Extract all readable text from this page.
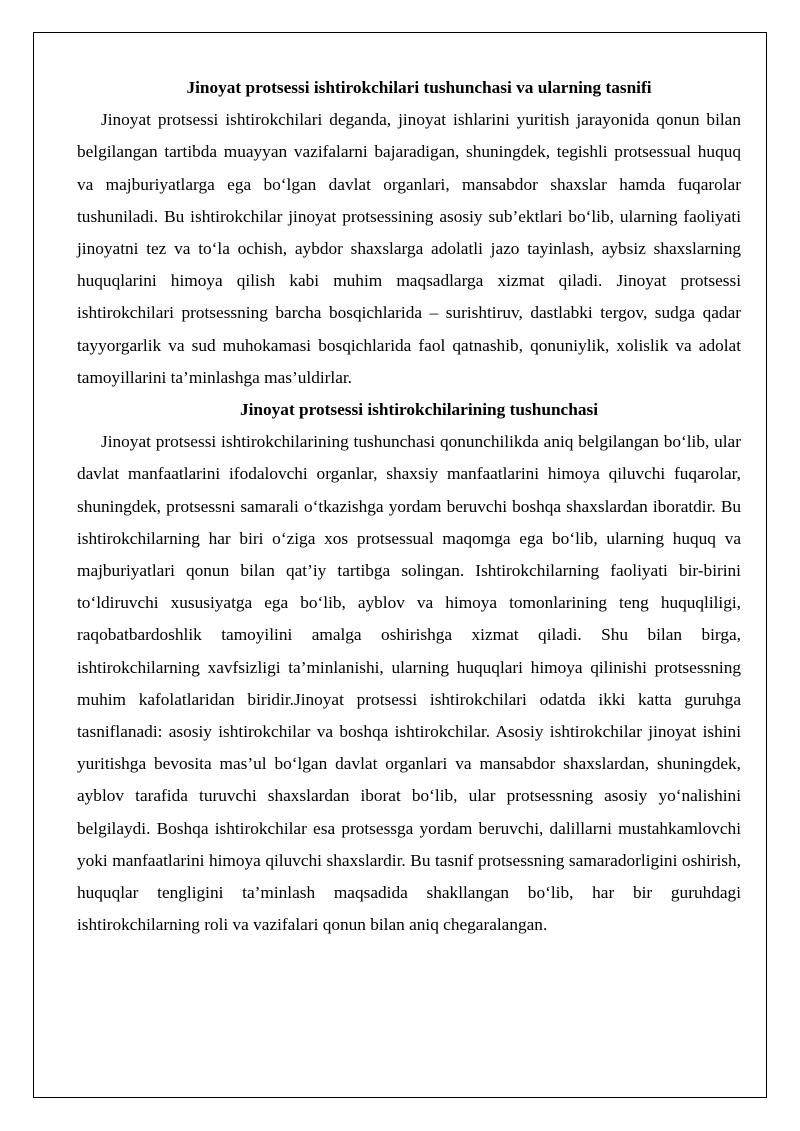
Jinoyat protsessi ishtirokchilari tushunchasi va ularning tasnifi

Jinoyat protsessi ishtirokchilari deganda, jinoyat ishlarini yuritish jarayonida qonun bilan belgilangan tartibda muayyan vazifalarni bajaradigan, shuningdek, tegishli protsessual huquq va majburiyatlarga ega boʻlgan davlat organlari, mansabdor shaxslar hamda fuqarolar tushuniladi. Bu ishtirokchilar jinoyat protsessining asosiy sub’ektlari boʻlib, ularning faoliyati jinoyatni tez va toʻla ochish, aybdor shaxslarga adolatli jazo tayinlash, aybsiz shaxslarning huquqlarini himoya qilish kabi muhim maqsadlarga xizmat qiladi. Jinoyat protsessi ishtirokchilari protsessning barcha bosqichlarida – surishtiruv, dastlabki tergov, sudga qadar tayyorgarlik va sud muhokamasi bosqichlarida faol qatnashib, qonuniylik, xolislik va adolat tamoyillarini ta’minlashga mas’uldirlar.

Jinoyat protsessi ishtirokchilarining tushunchasi

Jinoyat protsessi ishtirokchilarining tushunchasi qonunchilikda aniq belgilangan boʻlib, ular davlat manfaatlarini ifodalovchi organlar, shaxsiy manfaatlarini himoya qiluvchi fuqarolar, shuningdek, protsessni samarali oʻtkazishga yordam beruvchi boshqa shaxslardan iboratdir. Bu ishtirokchilarning har biri oʻziga xos protsessual maqomga ega boʻlib, ularning huquq va majburiyatlari qonun bilan qat’iy tartibga solingan. Ishtirokchilarning faoliyati bir-birini toʻldiruvchi xususiyatga ega boʻlib, ayblov va himoya tomonlarining teng huquqliligi, raqobatbardoshlik tamoyilini amalga oshirishga xizmat qiladi. Shu bilan birga, ishtirokchilarning xavfsizligi ta’minlanishi, ularning huquqlari himoya qilinishi protsessning muhim kafolatlaridan biridir.Jinoyat protsessi ishtirokchilari odatda ikki katta guruhga tasniflanadi: asosiy ishtirokchilar va boshqa ishtirokchilar. Asosiy ishtirokchilar jinoyat ishini yuritishga bevosita mas’ul boʻlgan davlat organlari va mansabdor shaxslardan, shuningdek, ayblov tarafida turuvchi shaxslardan iborat boʻlib, ular protsessning asosiy yoʻnalishini belgilaydi. Boshqa ishtirokchilar esa protsessga yordam beruvchi, dalillarni mustahkamlovchi yoki manfaatlarini himoya qiluvchi shaxslardir. Bu tasnif protsessning samaradorligini oshirish, huquqlar tengligini ta’minlash maqsadida shakllangan boʻlib, har bir guruhdagi ishtirokchilarning roli va vazifalari qonun bilan aniq chegaralangan.
